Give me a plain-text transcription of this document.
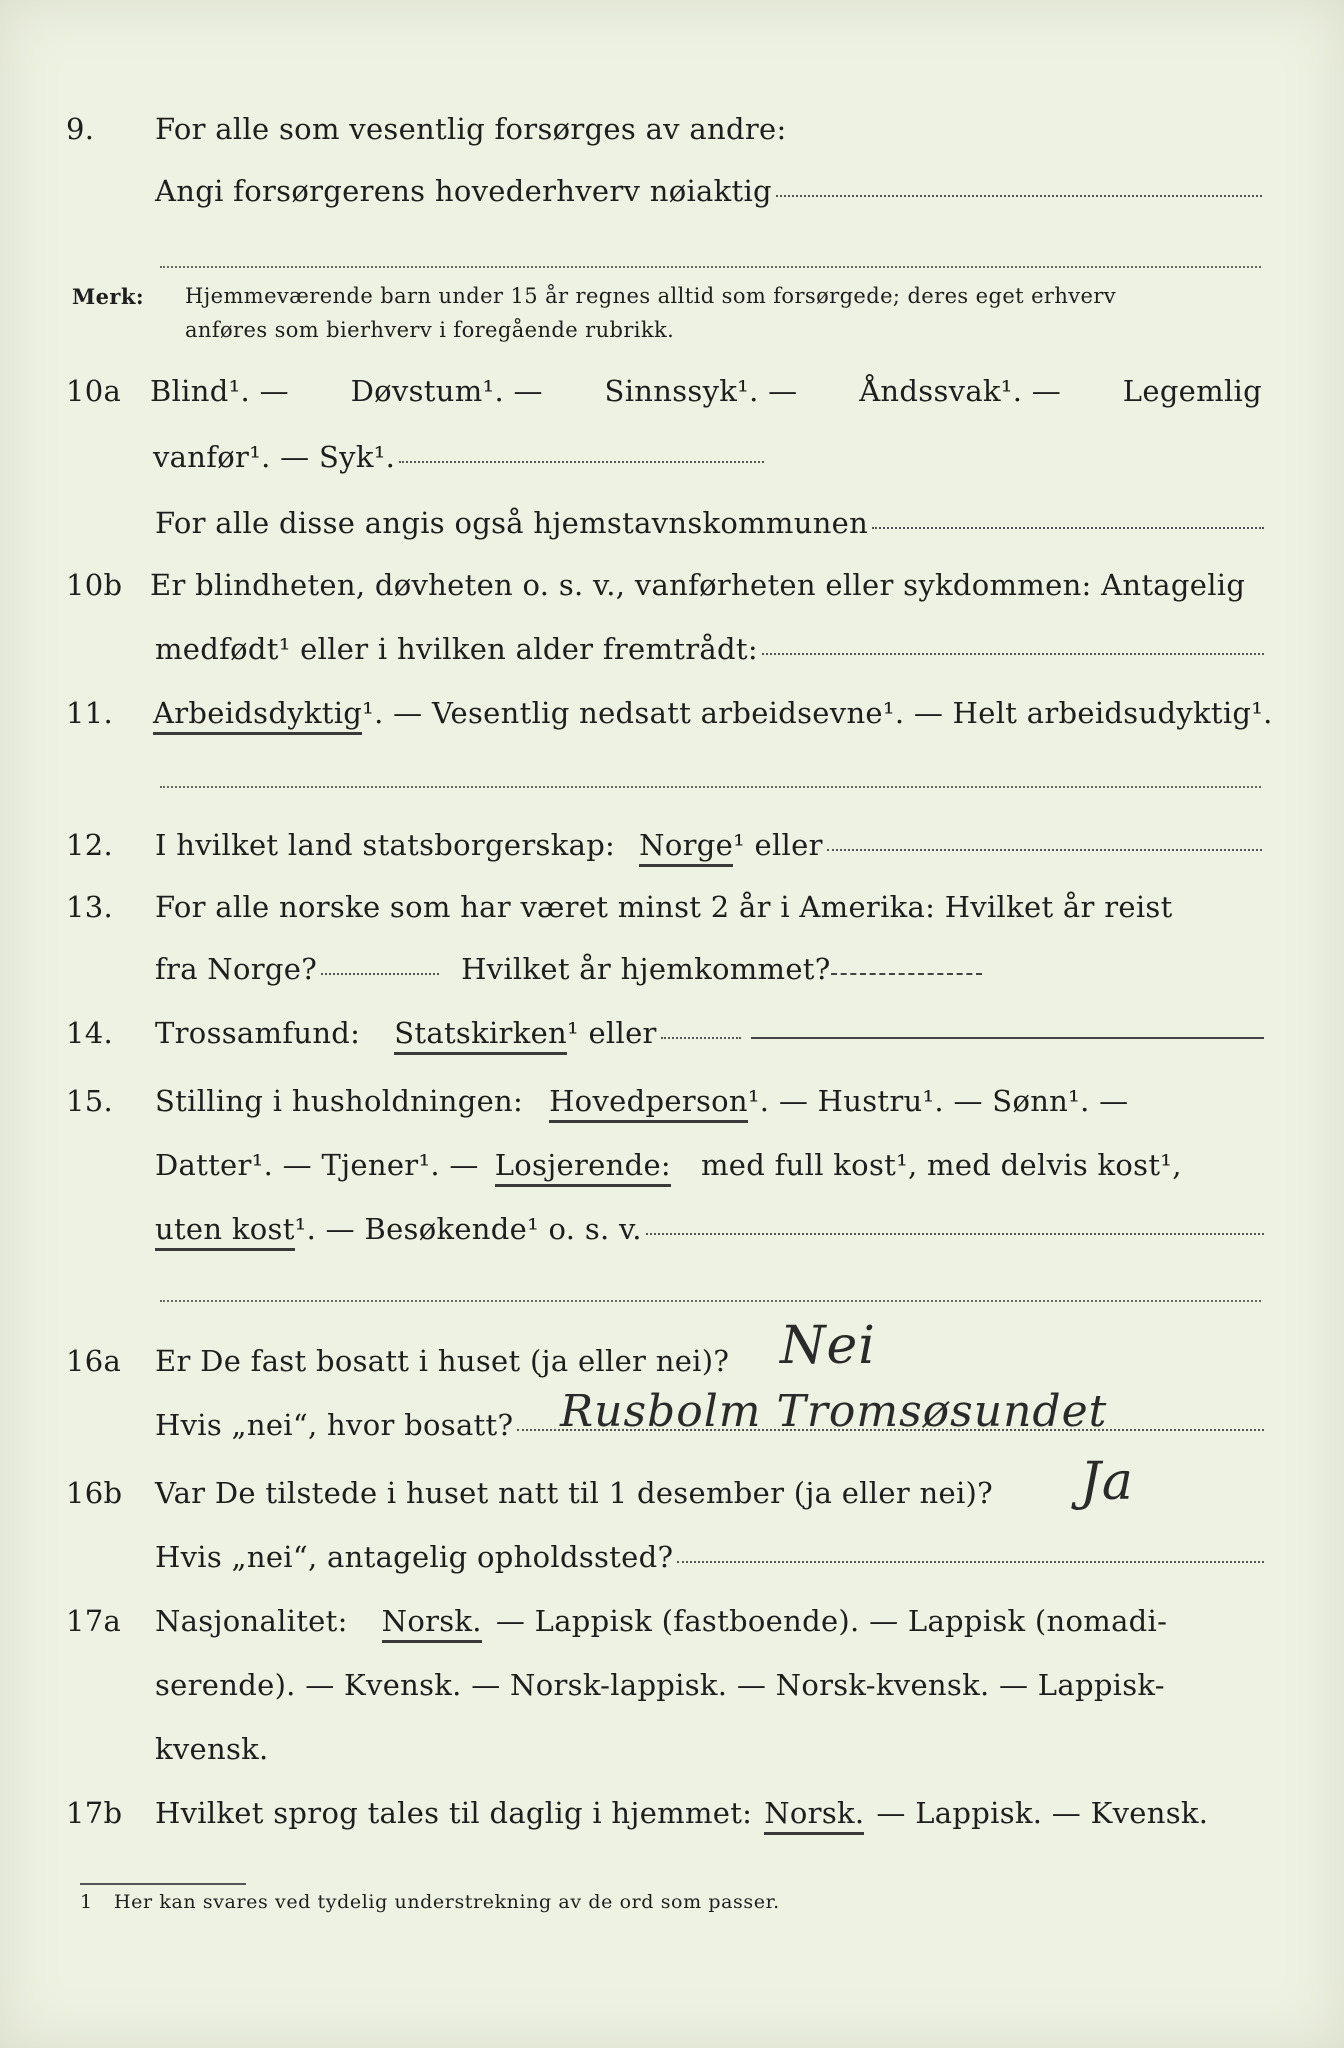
9.	For alle som vesentlig forsørges av andre:
Angi forsørgerens hovederhverv nøiaktig
Merk:	Hjemmeværende barn under 15 år regnes alltid som forsørgede; deres eget erhverv
anføres som bierhverv i foregående rubrikk.
10a Blind¹. — Døvstum¹. — Sinnssyk¹. — Åndssvak¹. — Legemlig
vanfør¹. — Syk¹.
For alle disse angis også hjemstavnskommunen
10b Er blindheten, døvheten o. s. v., vanførheten eller sykdommen: Antagelig
medfødt¹ eller i hvilken alder fremtrådt:
11.	Arbeidsdyktig ¹. — Vesentlig nedsatt arbeidsevne¹. — Helt arbeidsudyktig¹.
12.	I hvilket land statsborgerskap: Norge ¹ eller
13.	For alle norske som har været minst 2 år i Amerika: Hvilket år reist
fra Norge?	Hvilket år hjemkommet?
14.	Trossamfund: Statskirken ¹ eller
15.	Stilling i husholdningen: Hovedperson ¹. — Hustru¹. — Sønn¹. —
Datter¹. — Tjener¹. — Losjerende: med full kost¹, med delvis kost¹,
uten kost ¹. — Besøkende¹ o. s. v.
16a	Er De fast bosatt i huset (ja eller nei)? Nei
Hvis „nei“, hvor bosatt? Rusbolm Tromsøsundet
16b	Var De tilstede i huset natt til 1 desember (ja eller nei)?	Ja
Hvis „nei“, antagelig opholdssted?
17a	Nasjonalitet: Norsk. — Lappisk (fastboende). — Lappisk (nomadi-
serende). — Kvensk. — Norsk-lappisk. — Norsk-kvensk. — Lappisk-
kvensk.
17b	Hvilket sprog tales til daglig i hjemmet: Norsk. — Lappisk. — Kvensk.
1 Her kan svares ved tydelig understrekning av de ord som passer.
